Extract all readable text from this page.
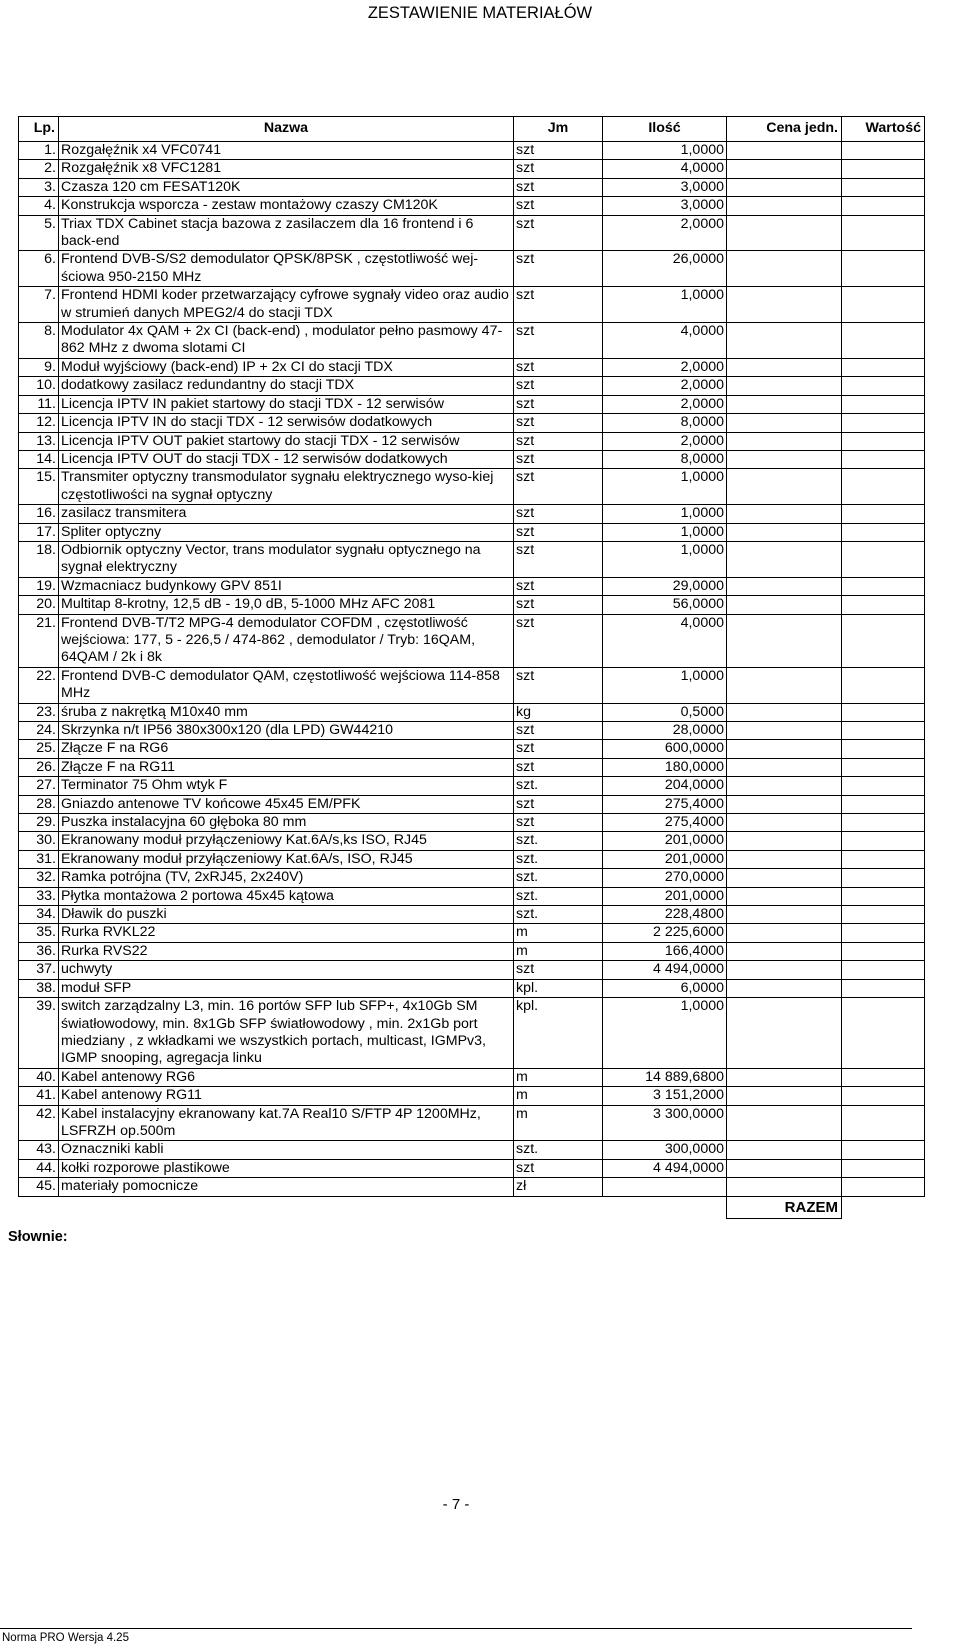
ZESTAWIENIE MATERIAŁÓW
Lp.	Nazwa	Jm	Ilość	Cena jedn.	Wartość
1.	Rozgałęźnik x4 VFC0741	szt	1,0000		
2.	Rozgałęźnik x8 VFC1281	szt	4,0000		
3.	Czasza 120 cm FESAT120K	szt	3,0000		
4.	Konstrukcja wsporcza - zestaw montażowy czaszy CM120K	szt	3,0000		
5.	Triax TDX Cabinet stacja bazowa z zasilaczem dla 16 frontend i 6 back-end	szt	2,0000		
6.	Frontend DVB-S/S2 demodulator QPSK/8PSK , częstotliwość wej-ściowa 950-2150 MHz	szt	26,0000		
7.	Frontend HDMI koder przetwarzający cyfrowe sygnały video oraz audio w strumień danych MPEG2/4 do stacji TDX	szt	1,0000		
8.	Modulator 4x QAM + 2x CI (back-end) , modulator pełno pasmowy 47-862 MHz z dwoma slotami CI	szt	4,0000		
9.	Moduł wyjściowy (back-end) IP + 2x CI do stacji TDX	szt	2,0000		
10.	dodatkowy zasilacz redundantny do stacji TDX	szt	2,0000		
11.	Licencja IPTV IN pakiet startowy do stacji TDX - 12 serwisów	szt	2,0000		
12.	Licencja IPTV IN do stacji TDX - 12 serwisów dodatkowych	szt	8,0000		
13.	Licencja IPTV OUT pakiet startowy do stacji TDX - 12 serwisów	szt	2,0000		
14.	Licencja IPTV OUT do stacji TDX - 12 serwisów dodatkowych	szt	8,0000		
15.	Transmiter optyczny transmodulator sygnału elektrycznego wyso-kiej częstotliwości na sygnał optyczny	szt	1,0000		
16.	zasilacz transmitera	szt	1,0000		
17.	Spliter optyczny	szt	1,0000		
18.	Odbiornik optyczny Vector, trans modulator sygnału optycznego na sygnał elektryczny	szt	1,0000		
19.	Wzmacniacz budynkowy GPV 851I	szt	29,0000		
20.	Multitap 8-krotny, 12,5 dB - 19,0 dB, 5-1000 MHz AFC 2081	szt	56,0000		
21.	Frontend DVB-T/T2 MPG-4 demodulator COFDM , częstotliwość wejściowa: 177, 5 - 226,5 / 474-862 , demodulator / Tryb: 16QAM, 64QAM / 2k i 8k	szt	4,0000		
22.	Frontend DVB-C demodulator QAM, częstotliwość wejściowa 114-858 MHz	szt	1,0000		
23.	śruba z nakrętką M10x40 mm	kg	0,5000		
24.	Skrzynka n/t IP56 380x300x120 (dla LPD) GW44210	szt	28,0000		
25.	Złącze F na RG6	szt	600,0000		
26.	Złącze F na RG11	szt	180,0000		
27.	Terminator 75 Ohm wtyk F	szt.	204,0000		
28.	Gniazdo antenowe TV końcowe 45x45 EM/PFK	szt	275,4000		
29.	Puszka instalacyjna 60 głęboka 80 mm	szt	275,4000		
30.	Ekranowany moduł przyłączeniowy Kat.6A/s,ks ISO, RJ45	szt.	201,0000		
31.	Ekranowany moduł przyłączeniowy Kat.6A/s, ISO, RJ45	szt.	201,0000		
32.	Ramka potrójna (TV, 2xRJ45, 2x240V)	szt.	270,0000		
33.	Płytka montażowa 2 portowa 45x45 kątowa	szt.	201,0000		
34.	Dławik do puszki	szt.	228,4800		
35.	Rurka RVKL22	m	2 225,6000		
36.	Rurka RVS22	m	166,4000		
37.	uchwyty	szt	4 494,0000		
38.	moduł SFP	kpl.	6,0000		
39.	switch zarządzalny L3, min. 16 portów SFP lub SFP+, 4x10Gb SM światłowodowy, min. 8x1Gb SFP światłowodowy , min. 2x1Gb port miedziany , z wkładkami we wszystkich portach, multicast, IGMPv3, IGMP snooping, agregacja linku	kpl.	1,0000		
40.	Kabel antenowy RG6	m	14 889,6800		
41.	Kabel antenowy RG11	m	3 151,2000		
42.	Kabel instalacyjny ekranowany kat.7A Real10 S/FTP 4P 1200MHz, LSFRZH op.500m	m	3 300,0000		
43.	Oznaczniki kabli	szt.	300,0000		
44.	kołki rozporowe plastikowe	szt	4 494,0000		
45.	materiały pomocnicze	zł			
				RAZEM	
Słownie:
- 7 -
Norma PRO Wersja 4.25
